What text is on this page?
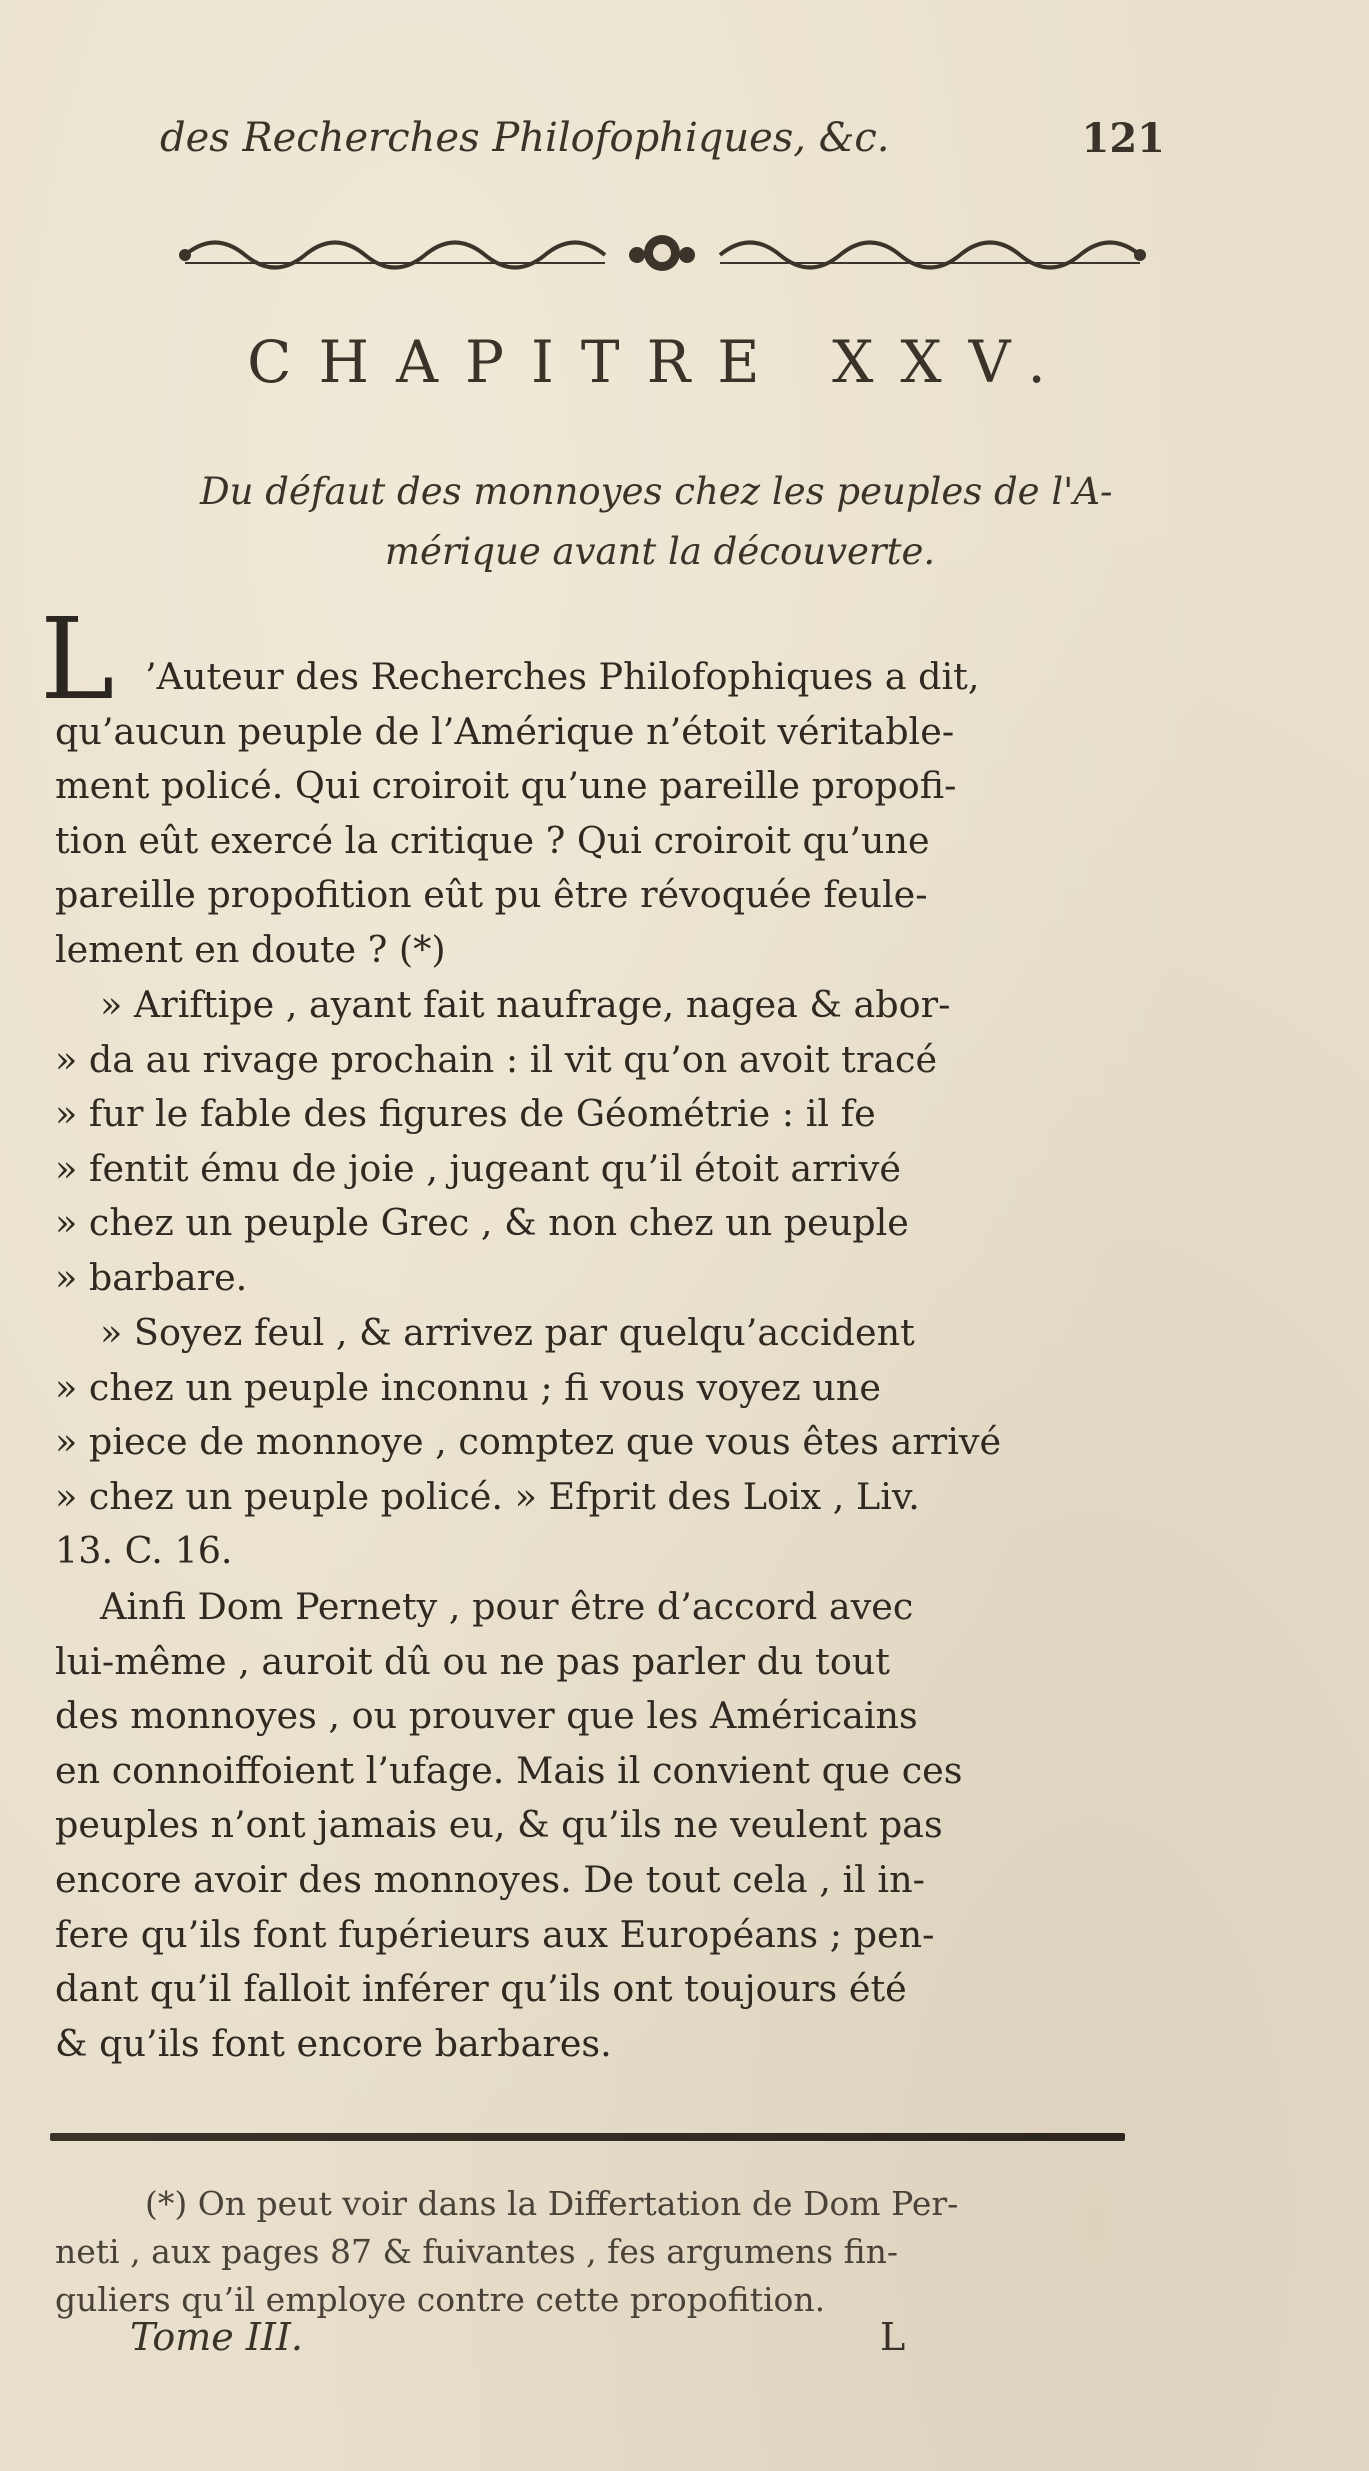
des Recherches Philofophiques, &c.	121
CHAPITRE XXV.
Du défaut des monnoyes chez les peuples de l'A-
mérique avant la découverte.
L ’Auteur des Recherches Philofophiques a dit,
qu’aucun peuple de l’Amérique n’étoit véritable-
ment policé. Qui croiroit qu’une pareille propofi-
tion eût exercé la critique ? Qui croiroit qu’une
pareille propofition eût pu être révoquée feule-
lement en doute ? (*)
» Ariftipe , ayant fait naufrage, nagea & abor-
» da au rivage prochain : il vit qu’on avoit tracé
» fur le fable des figures de Géométrie : il fe
» fentit ému de joie , jugeant qu’il étoit arrivé
» chez un peuple Grec , & non chez un peuple
» barbare.
» Soyez feul , & arrivez par quelqu’accident
» chez un peuple inconnu ; fi vous voyez une
» piece de monnoye , comptez que vous êtes arrivé
» chez un peuple policé. » Efprit des Loix , Liv.
13. C. 16.
Ainfi Dom Pernety , pour être d’accord avec
lui-même , auroit dû ou ne pas parler du tout
des monnoyes , ou prouver que les Américains
en connoiffoient l’ufage. Mais il convient que ces
peuples n’ont jamais eu, & qu’ils ne veulent pas
encore avoir des monnoyes. De tout cela , il in-
fere qu’ils font fupérieurs aux Européans ; pen-
dant qu’il falloit inférer qu’ils ont toujours été
& qu’ils font encore barbares.
(*) On peut voir dans la Differtation de Dom Per-
neti , aux pages 87 & fuivantes , fes argumens fin-
guliers qu’il employe contre cette propofition.
Tome III.	L
